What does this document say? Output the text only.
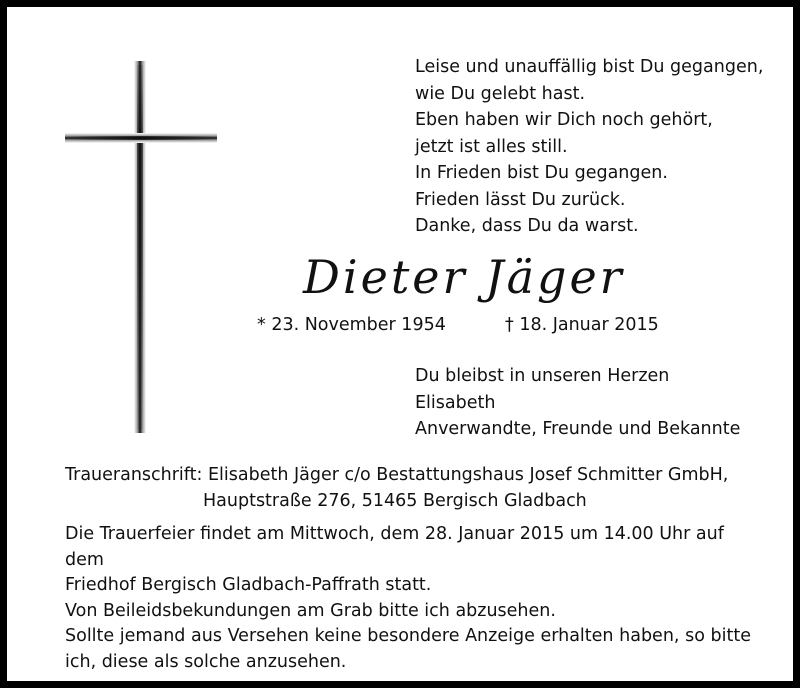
Leise und unauffällig bist Du gegangen,
wie Du gelebt hast.
Eben haben wir Dich noch gehört,
jetzt ist alles still.
In Frieden bist Du gegangen.
Frieden lässt Du zurück.
Danke, dass Du da warst.
Dieter Jäger
* 23. November 1954	† 18. Januar 2015
Du bleibst in unseren Herzen
Elisabeth
Anverwandte, Freunde und Bekannte
Traueranschrift: Elisabeth Jäger c/o Bestattungshaus Josef Schmitter GmbH,
Hauptstraße 276, 51465 Bergisch Gladbach
Die Trauerfeier findet am Mittwoch, dem 28. Januar 2015 um 14.00 Uhr auf dem
Friedhof Bergisch Gladbach-Paffrath statt.
Von Beileidsbekundungen am Grab bitte ich abzusehen.
Sollte jemand aus Versehen keine besondere Anzeige erhalten haben, so bitte
ich, diese als solche anzusehen.
